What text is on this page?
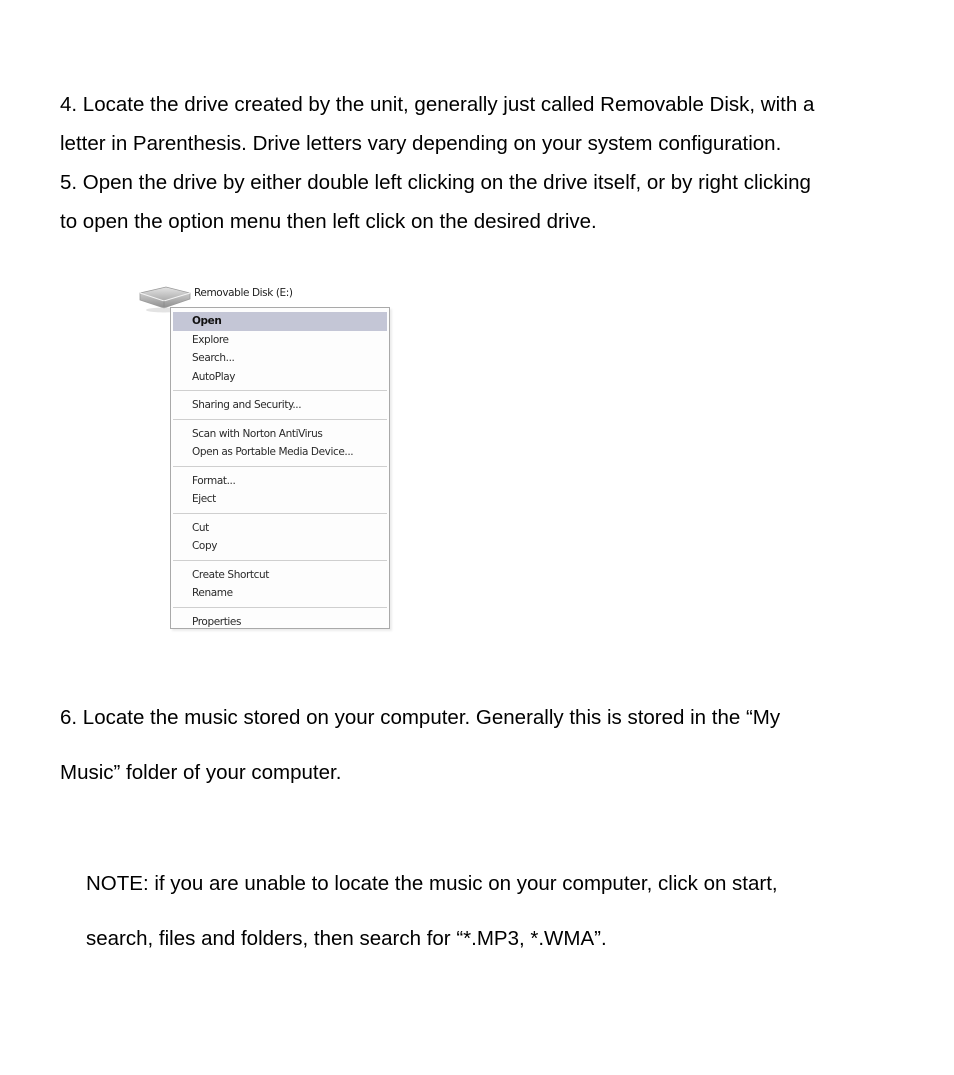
4. Locate the drive created by the unit, generally just called Removable Disk, with a
letter in Parenthesis. Drive letters vary depending on your system configuration.

5. Open the drive by either double left clicking on the drive itself, or by right clicking
to open the option menu then left click on the desired drive.

Removable Disk (E:)
Open
Explore
Search...
AutoPlay
Sharing and Security...
Scan with Norton AntiVirus
Open as Portable Media Device...
Format...
Eject
Cut
Copy
Create Shortcut
Rename
Properties

6. Locate the music stored on your computer. Generally this is stored in the “My
Music” folder of your computer.

NOTE: if you are unable to locate the music on your computer, click on start,
search, files and folders, then search for “*.MP3, *.WMA”.
